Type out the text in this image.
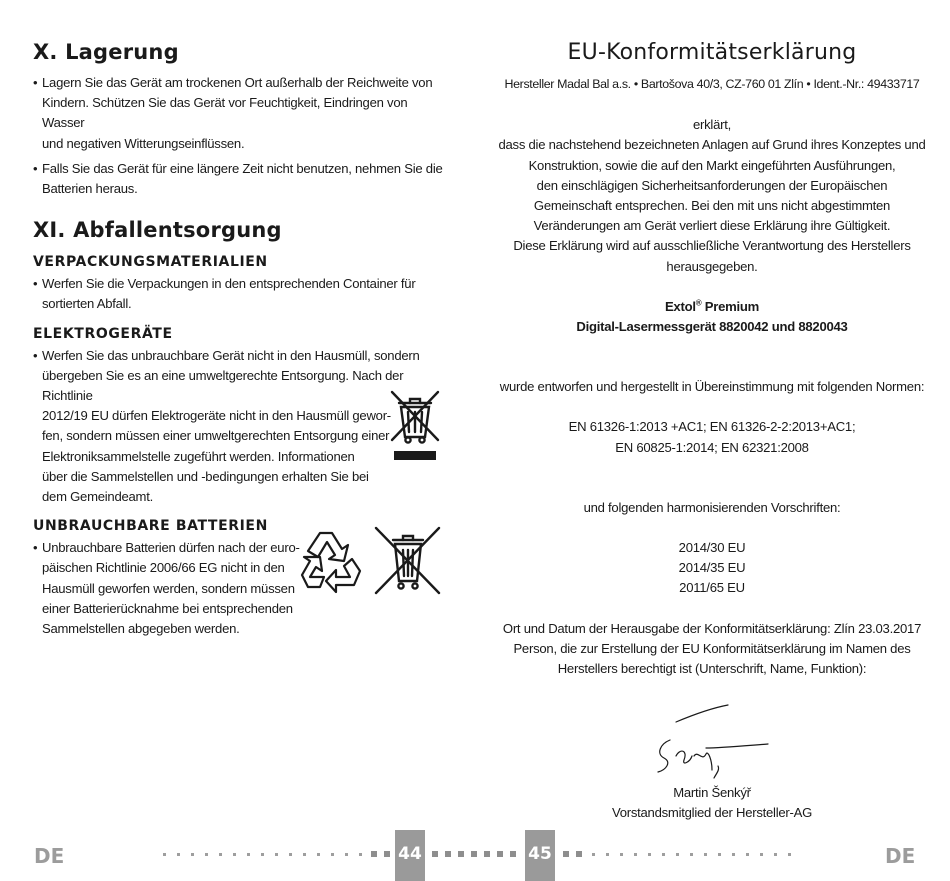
X. Lagerung
• Lagern Sie das Gerät am trockenen Ort außerhalb der Reichweite von

Kindern. Schützen Sie das Gerät vor Feuchtigkeit, Eindringen von Wasser

und negativen Witterungseinflüssen.

• Falls Sie das Gerät für eine längere Zeit nicht benutzen, nehmen Sie die

Batterien heraus.

XI. Abfallentsorgung
VERPACKUNGSMATERIALIEN
• Werfen Sie die Verpackungen in den entsprechenden Container für

sortierten Abfall.

ELEKTROGERÄTE
• Werfen Sie das unbrauchbare Gerät nicht in den Hausmüll, sondern

übergeben Sie es an eine umweltgerechte Entsorgung. Nach der Richtlinie

2012/19 EU dürfen Elektrogeräte nicht in den Hausmüll gewor-

fen, sondern müssen einer umweltgerechten Entsorgung einer

Elektroniksammelstelle zugeführt werden. Informationen

über die Sammelstellen und -bedingungen erhalten Sie bei

dem Gemeindeamt.

UNBRAUCHBARE BATTERIEN
• Unbrauchbare Batterien dürfen nach der euro-

päischen Richtlinie 2006/66 EG nicht in den

Hausmüll geworfen werden, sondern müssen

einer Batterierücknahme bei entsprechenden

Sammelstellen abgegeben werden.

EU-Konformitätserklärung

Hersteller Madal Bal a.s. • Bartošova 40/3, CZ-760 01 Zlín • Ident.-Nr.: 49433717

erklärt,

dass die nachstehend bezeichneten Anlagen auf Grund ihres Konzeptes und

Konstruktion, sowie die auf den Markt eingeführten Ausführungen,

den einschlägigen Sicherheitsanforderungen der Europäischen

Gemeinschaft entsprechen. Bei den mit uns nicht abgestimmten

Veränderungen am Gerät verliert diese Erklärung ihre Gültigkeit.

Diese Erklärung wird auf ausschließliche Verantwortung des Herstellers

herausgegeben.

Extol® Premium

Digital-Lasermessgerät 8820042 und 8820043

wurde entworfen und hergestellt in Übereinstimmung mit folgenden Normen:

EN 61326-1:2013 +AC1; EN 61326-2-2:2013+AC1;

EN 60825-1:2014; EN 62321:2008

und folgenden harmonisierenden Vorschriften:

2014/30 EU

2014/35 EU

2011/65 EU

Ort und Datum der Herausgabe der Konformitätserklärung: Zlín 23.03.2017

Person, die zur Erstellung der EU Konformitätserklärung im Namen des

Herstellers berechtigt ist (Unterschrift, Name, Funktion):

Martin Šenkýř

Vorstandsmitglied der Hersteller-AG

DE	DE
44	45
